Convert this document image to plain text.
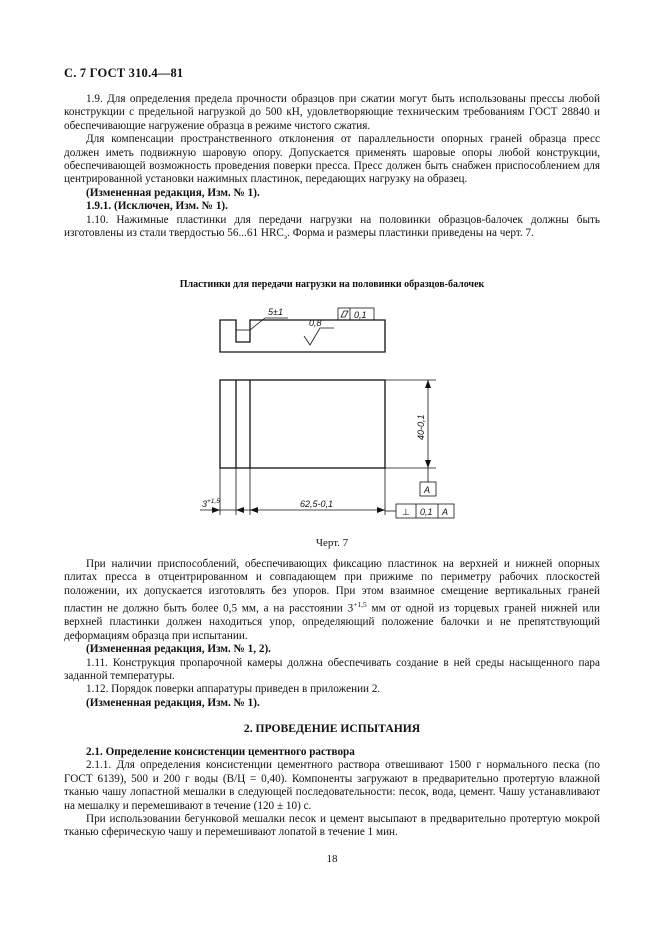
С. 7 ГОСТ 310.4—81

1.9. Для определения предела прочности образцов при сжатии могут быть использованы прессы любой конструкции с предельной нагрузкой до 500 кН, удовлетворяющие техническим требованиям ГОСТ 28840 и обеспечивающие нагружение образца в режиме чистого сжатия.

Для компенсации пространственного отклонения от параллельности опорных граней образца пресс должен иметь подвижную шаровую опору. Допускается применять шаровые опоры любой конструкции, обеспечивающей возможность проведения поверки пресса. Пресс должен быть снабжен приспособлением для центрированной установки нажимных пластинок, передающих нагрузку на образец.

(Измененная редакция, Изм. № 1).

1.9.1. (Исключен, Изм. № 1).

1.10. Нажимные пластинки для передачи нагрузки на половинки образцов-балочек должны быть изготовлены из стали твердостью 56...61 $HRC_э$. Форма и размеры пластинки приведены на черт. 7.

Пластинки для передачи нагрузки на половинки образцов-балочек
5±1
0,8
0,1
40-0,1
A
$3^{+1,5}$	62,5-0,1
⊥ 0,1 A
Черт. 7

При наличии приспособлений, обеспечивающих фиксацию пластинок на верхней и нижней опорных плитах пресса в отцентрированном и совпадающем при прижиме по периметру рабочих плоскостей положении, их допускается изготовлять без упоров. При этом взаимное смещение вертикальных граней пластин не должно быть более 0,5 мм, а на расстоянии $3^{+1,5}$ мм от одной из торцевых граней нижней или верхней пластинки должен находиться упор, определяющий положение балочки и не препятствующий деформациям образца при испытании.

(Измененная редакция, Изм. № 1, 2).

1.11. Конструкция пропарочной камеры должна обеспечивать создание в ней среды насыщенного пара заданной температуры.

1.12. Порядок поверки аппаратуры приведен в приложении 2.

(Измененная редакция, Изм. № 1).

2. ПРОВЕДЕНИЕ ИСПЫТАНИЯ

2.1. Определение консистенции цементного раствора

2.1.1. Для определения консистенции цементного раствора отвешивают 1500 г нормального песка (по ГОСТ 6139), 500 и 200 г воды (В/Ц = 0,40). Компоненты загружают в предварительно протертую влажной тканью чашу лопастной мешалки в следующей последовательности: песок, вода, цемент. Чашу устанавливают на мешалку и перемешивают в течение (120 ± 10) с.

При использовании бегунковой мешалки песок и цемент высыпают в предварительно протертую мокрой тканью сферическую чашу и перемешивают лопатой в течение 1 мин.

18
